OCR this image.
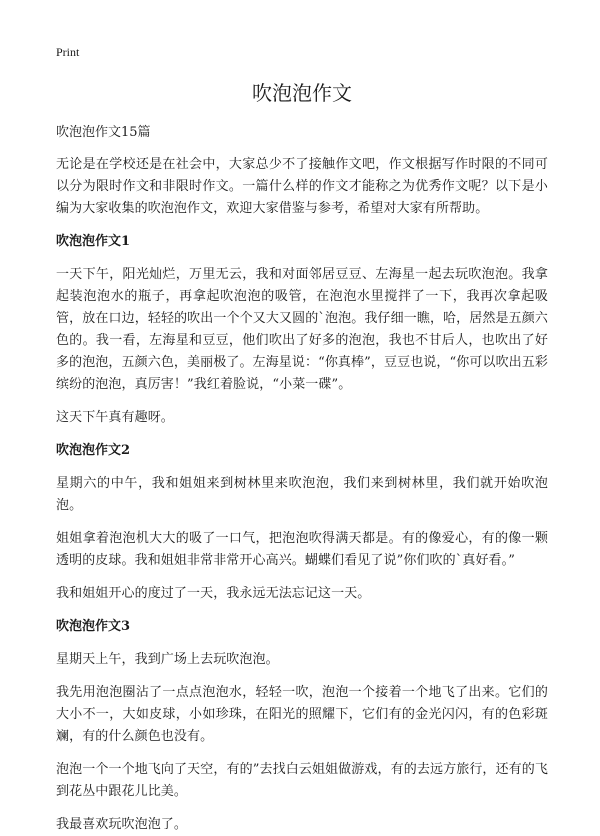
Print
吹泡泡作文
吹泡泡作文15篇

无论是在学校还是在社会中，大家总少不了接触作文吧，作文根据写作时限的不同可以分为限时作文和非限时作文。一篇什么样的作文才能称之为优秀作文呢？以下是小编为大家收集的吹泡泡作文，欢迎大家借鉴与参考，希望对大家有所帮助。

吹泡泡作文1

一天下午，阳光灿烂，万里无云，我和对面邻居豆豆、左海星一起去玩吹泡泡。我拿起装泡泡水的瓶子，再拿起吹泡泡的吸管，在泡泡水里搅拌了一下，我再次拿起吸管，放在口边，轻轻的吹出一个个又大又圆的`泡泡。我仔细一瞧，哈，居然是五颜六色的。我一看，左海星和豆豆，他们吹出了好多的泡泡，我也不甘后人，也吹出了好多的泡泡，五颜六色，美丽极了。左海星说：“你真棒”，豆豆也说，“你可以吹出五彩缤纷的泡泡，真厉害！”我红着脸说，“小菜一碟”。

这天下午真有趣呀。

吹泡泡作文2

星期六的中午，我和姐姐来到树林里来吹泡泡，我们来到树林里，我们就开始吹泡泡。

姐姐拿着泡泡机大大的吸了一口气，把泡泡吹得满天都是。有的像爱心，有的像一颗透明的皮球。我和姐姐非常非常开心高兴。蝴蝶们看见了说”你们吹的`真好看。”

我和姐姐开心的度过了一天，我永远无法忘记这一天。

吹泡泡作文3

星期天上午，我到广场上去玩吹泡泡。

我先用泡泡圈沾了一点点泡泡水，轻轻一吹，泡泡一个接着一个地飞了出来。它们的大小不一，大如皮球，小如珍珠，在阳光的照耀下，它们有的金光闪闪，有的色彩斑斓，有的什么颜色也没有。

泡泡一个一个地飞向了天空，有的”去找白云姐姐做游戏，有的去远方旅行，还有的飞到花丛中跟花儿比美。

我最喜欢玩吹泡泡了。
